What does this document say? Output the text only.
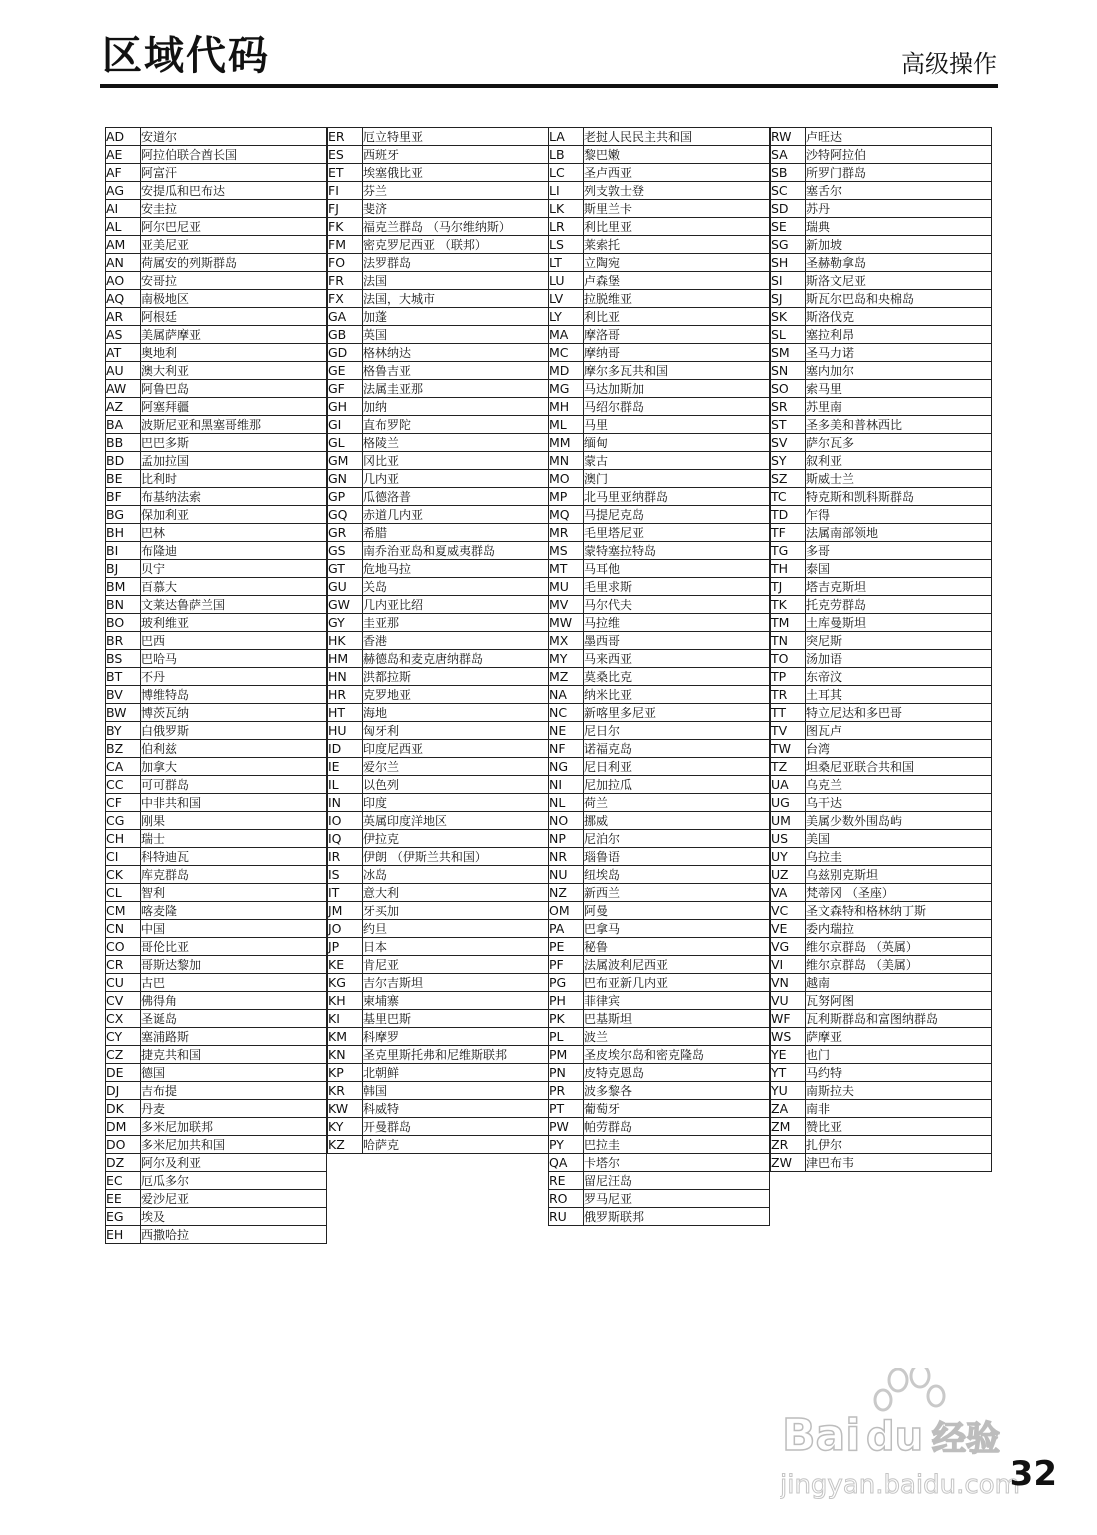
区域代码	高级操作
AD	安道尔
AE	阿拉伯联合酋长国
AF	阿富汗
AG	安提瓜和巴布达
AI	安圭拉
AL	阿尔巴尼亚
AM	亚美尼亚
AN	荷属安的列斯群岛
AO	安哥拉
AQ	南极地区
AR	阿根廷
AS	美属萨摩亚
AT	奥地利
AU	澳大利亚
AW	阿鲁巴岛
AZ	阿塞拜疆
BA	波斯尼亚和黑塞哥维那
BB	巴巴多斯
BD	孟加拉国
BE	比利时
BF	布基纳法索
BG	保加利亚
BH	巴林
BI	布隆迪
BJ	贝宁
BM	百慕大
BN	文莱达鲁萨兰国
BO	玻利维亚
BR	巴西
BS	巴哈马
BT	不丹
BV	博维特岛
BW	博茨瓦纳
BY	白俄罗斯
BZ	伯利兹
CA	加拿大
CC	可可群岛
CF	中非共和国
CG	刚果
CH	瑞士
CI	科特迪瓦
CK	库克群岛
CL	智利
CM	喀麦隆
CN	中国
CO	哥伦比亚
CR	哥斯达黎加
CU	古巴
CV	佛得角
CX	圣诞岛
CY	塞浦路斯
CZ	捷克共和国
DE	德国
DJ	吉布提
DK	丹麦
DM	多米尼加联邦
DO	多米尼加共和国
DZ	阿尔及利亚
EC	厄瓜多尔
EE	爱沙尼亚
EG	埃及
EH	西撒哈拉
ER	厄立特里亚
ES	西班牙
ET	埃塞俄比亚
FI	芬兰
FJ	斐济
FK	福克兰群岛 （马尔维纳斯）
FM	密克罗尼西亚 （联邦）
FO	法罗群岛
FR	法国
FX	法国，大城市
GA	加蓬
GB	英国
GD	格林纳达
GE	格鲁吉亚
GF	法属圭亚那
GH	加纳
GI	直布罗陀
GL	格陵兰
GM	冈比亚
GN	几内亚
GP	瓜德洛普
GQ	赤道几内亚
GR	希腊
GS	南乔治亚岛和夏威夷群岛
GT	危地马拉
GU	关岛
GW	几内亚比绍
GY	圭亚那
HK	香港
HM	赫德岛和麦克唐纳群岛
HN	洪都拉斯
HR	克罗地亚
HT	海地
HU	匈牙利
ID	印度尼西亚
IE	爱尔兰
IL	以色列
IN	印度
IO	英属印度洋地区
IQ	伊拉克
IR	伊朗 （伊斯兰共和国）
IS	冰岛
IT	意大利
JM	牙买加
JO	约旦
JP	日本
KE	肯尼亚
KG	吉尔吉斯坦
KH	柬埔寨
KI	基里巴斯
KM	科摩罗
KN	圣克里斯托弗和尼维斯联邦
KP	北朝鲜
KR	韩国
KW	科威特
KY	开曼群岛
KZ	哈萨克
LA	老挝人民民主共和国
LB	黎巴嫩
LC	圣卢西亚
LI	列支敦士登
LK	斯里兰卡
LR	利比里亚
LS	莱索托
LT	立陶宛
LU	卢森堡
LV	拉脱维亚
LY	利比亚
MA	摩洛哥
MC	摩纳哥
MD	摩尔多瓦共和国
MG	马达加斯加
MH	马绍尔群岛
ML	马里
MM	缅甸
MN	蒙古
MO	澳门
MP	北马里亚纳群岛
MQ	马提尼克岛
MR	毛里塔尼亚
MS	蒙特塞拉特岛
MT	马耳他
MU	毛里求斯
MV	马尔代夫
MW	马拉维
MX	墨西哥
MY	马来西亚
MZ	莫桑比克
NA	纳米比亚
NC	新喀里多尼亚
NE	尼日尔
NF	诺福克岛
NG	尼日利亚
NI	尼加拉瓜
NL	荷兰
NO	挪威
NP	尼泊尔
NR	瑙鲁语
NU	纽埃岛
NZ	新西兰
OM	阿曼
PA	巴拿马
PE	秘鲁
PF	法属波利尼西亚
PG	巴布亚新几内亚
PH	菲律宾
PK	巴基斯坦
PL	波兰
PM	圣皮埃尔岛和密克隆岛
PN	皮特克恩岛
PR	波多黎各
PT	葡萄牙
PW	帕劳群岛
PY	巴拉圭
QA	卡塔尔
RE	留尼汪岛
RO	罗马尼亚
RU	俄罗斯联邦
RW	卢旺达
SA	沙特阿拉伯
SB	所罗门群岛
SC	塞舌尔
SD	苏丹
SE	瑞典
SG	新加坡
SH	圣赫勒拿岛
SI	斯洛文尼亚
SJ	斯瓦尔巴岛和央棉岛
SK	斯洛伐克
SL	塞拉利昂
SM	圣马力诺
SN	塞内加尔
SO	索马里
SR	苏里南
ST	圣多美和普林西比
SV	萨尔瓦多
SY	叙利亚
SZ	斯威士兰
TC	特克斯和凯科斯群岛
TD	乍得
TF	法属南部领地
TG	多哥
TH	泰国
TJ	塔吉克斯坦
TK	托克劳群岛
TM	土库曼斯坦
TN	突尼斯
TO	汤加语
TP	东帝汶
TR	土耳其
TT	特立尼达和多巴哥
TV	图瓦卢
TW	台湾
TZ	坦桑尼亚联合共和国
UA	乌克兰
UG	乌干达
UM	美属少数外围岛屿
US	美国
UY	乌拉圭
UZ	乌兹别克斯坦
VA	梵蒂冈 （圣座）
VC	圣文森特和格林纳丁斯
VE	委内瑞拉
VG	维尔京群岛 （英属）
VI	维尔京群岛 （美属）
VN	越南
VU	瓦努阿图
WF	瓦利斯群岛和富图纳群岛
WS	萨摩亚
YE	也门
YT	马约特
YU	南斯拉夫
ZA	南非
ZM	赞比亚
ZR	扎伊尔
ZW	津巴布韦
Bai du 经验
jingyan.baidu.com
32
